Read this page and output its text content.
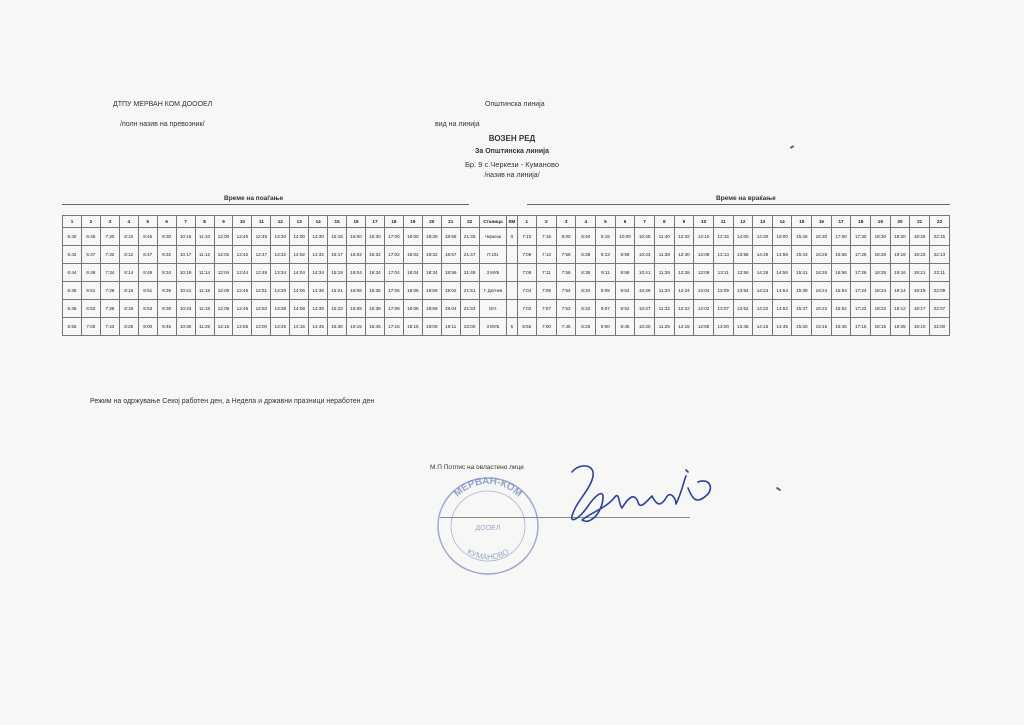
ДТПУ МЕРВАН КОМ ДОООЕЛ
/полн назив на превозник/
Општинска линија
вид на линија
ВОЗЕН РЕД
За Општинска линија
Бр. 9 с.Черкези - Куманово
/назив на линија/
Време на поаѓање	Време на враќање
1	2	3	4	5	6	7	8	9	10	11	12	13	14	15	16	17	18	19	20	21	22	Станица	КМ	1	2	3	4	5	6	7	8	9	10	11	12	13	14	15	16	17	18	19	20	21	22
6:40	6:45	7:30	8:10	8:45	9:30	10:15	11:10	12:00	12:40	12:45	13:30	14:00	14:30	15:15	16:00	16:30	17:00	18:00	18:30	18:55	21:45	Черкези	0	7:10	7:15	8:00	8:40	9:15	10:00	10:45	11:40	12:32	13:10	13:15	14:00	14:30	15:00	15:45	16:30	17:00	17:30	18:30	19:20	19:25	22:15
6:42	6:47	7:32	8:12	8:47	9:32	10:17	11:12	12:02	12:42	12:47	13:32	14:02	14:32	15:17	16:02	16:32	17:02	18:02	18:32	18:57	21:47	П.101		7:08	7:13	7:58	8:38	9:13	9:58	10:43	11:38	12:30	13:08	13:13	13:58	14:28	14:58	15:43	16:28	16:58	17:28	18:28	19:18	19:23	22:13
6:44	6:49	7:34	8:14	8:49	9:34	10:19	11:14	12:04	12:44	12:49	13:34	14:04	14:34	15:19	16:04	16:34	17:04	18:04	18:34	18:59	21:49	3 МУБ		7:06	7:11	7:56	8:36	9:11	9:56	10:41	11:36	12:28	13:06	13:11	13:56	14:26	14:56	15:41	16:26	16:56	17:26	18:26	19:16	19:21	22:11
6:46	6:51	7:36	8:16	8:51	9:36	10:21	11:16	12:06	12:46	12:51	13:36	14:06	14:36	15:21	16:06	16:36	17:06	18:06	18:56	19:02	21:51	Г. Делчев		7:04	7:09	7:54	8:34	9:09	9:54	10:39	11:34	12:24	13:04	13:09	13:54	14:24	14:54	15:39	16:24	16:54	17:24	18:24	19:14	19:19	22:09
6:48	6:53	7:38	8:18	8:53	9:38	10:23	11:18	12:08	12:48	12:53	13:38	14:08	14:38	15:23	16:08	16:38	17:08	18:08	18:58	19:04	21:53	Опт.		7:02	7:07	7:52	8:32	9:07	9:52	10:37	11:32	12:22	13:02	13:07	13:52	14:22	14:52	15:37	16:22	16:52	17:22	18:22	19:12	19:17	22:07
6:55	7:00	7:43	8:25	9:00	9:45	10:30	11:25	12:15	12:55	13:00	13:45	14:15	14:45	15:30	16:15	16:45	17:15	18:15	19:05	19:11	22:00	3 МУБ	5	6:55	7:00	7:45	8:25	9:00	9:45	10:30	11:25	12:15	12:55	13:00	13:45	14:15	14:45	15:30	16:15	16:45	17:15	18:15	19:05	19:10	22:00
Режим на одржување Секој работен ден, а Недела и државни празници неработен ден
М.П Потпис на овластено лице
МЕРВАН-КОМ
ДООЕЛ
КУМАНОВО
